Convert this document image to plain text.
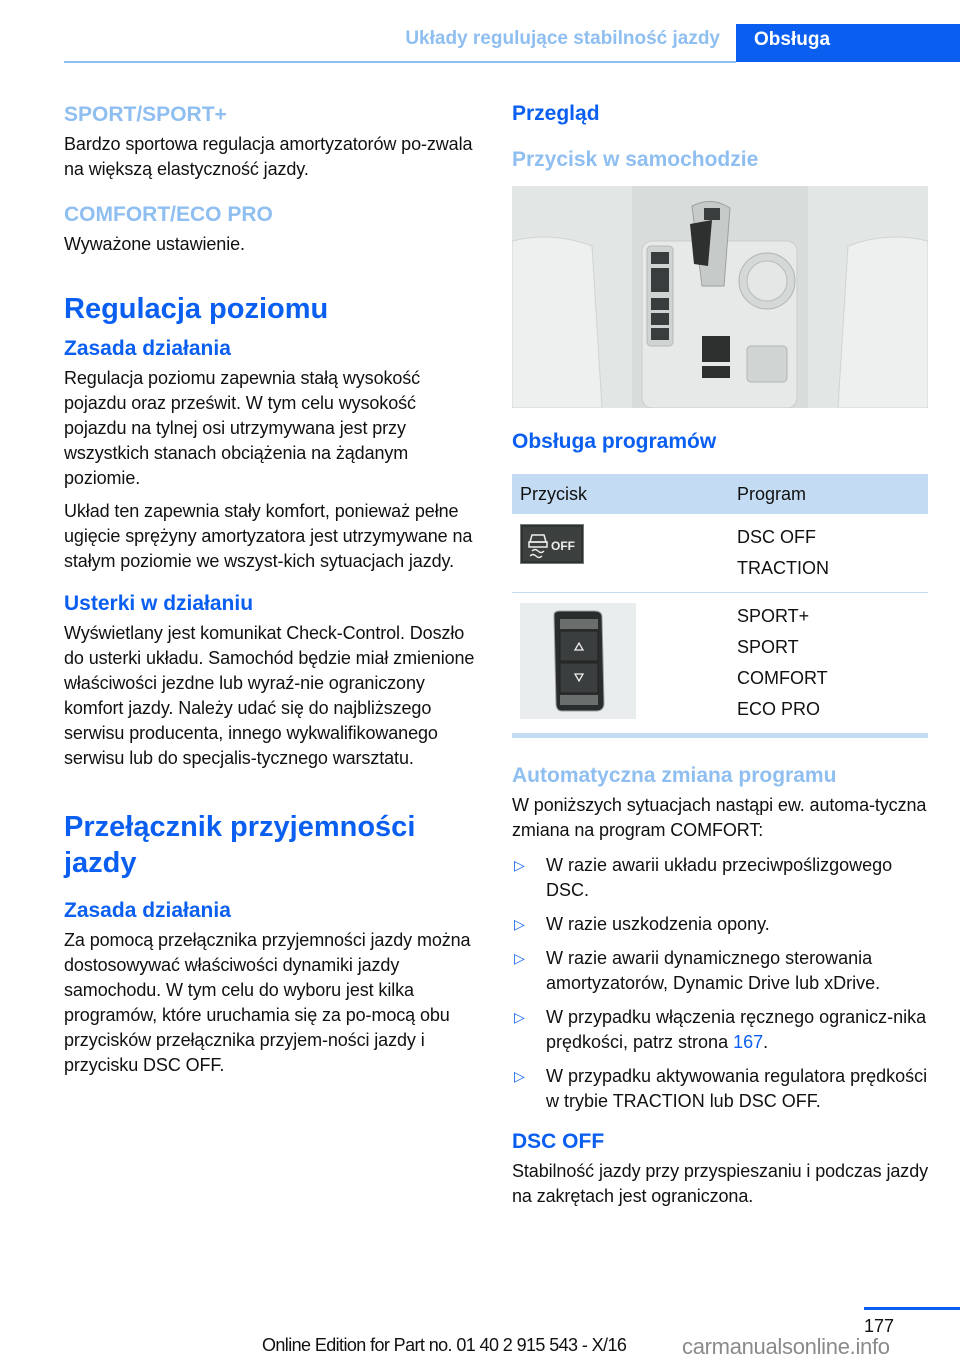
Układy regulujące stabilność jazdy	Obsługa
SPORT/SPORT+

Bardzo sportowa regulacja amortyzatorów po-zwala na większą elastyczność jazdy.

COMFORT/ECO PRO

Wyważone ustawienie.

Regulacja poziomu
Zasada działania

Regulacja poziomu zapewnia stałą wysokość pojazdu oraz prześwit. W tym celu wysokość pojazdu na tylnej osi utrzymywana jest przy wszystkich stanach obciążenia na żądanym poziomie.

Układ ten zapewnia stały komfort, ponieważ pełne ugięcie sprężyny amortyzatora jest utrzymywane na stałym poziomie we wszyst-kich sytuacjach jazdy.

Usterki w działaniu

Wyświetlany jest komunikat Check-Control. Doszło do usterki układu. Samochód będzie miał zmienione właściwości jezdne lub wyraź-nie ograniczony komfort jazdy. Należy udać się do najbliższego serwisu producenta, innego wykwalifikowanego serwisu lub do specjalis-tycznego warsztatu.

Przełącznik przyjemności jazdy
Zasada działania

Za pomocą przełącznika przyjemności jazdy można dostosowywać właściwości dynamiki jazdy samochodu. W tym celu do wyboru jest kilka programów, które uruchamia się za po-mocą obu przycisków przełącznika przyjem-ności jazdy i przycisku DSC OFF.

Przegląd
Przycisk w samochodzie
Obsługa programów
Przycisk	Program

OFF	DSC OFF
TRACTION

SPORT+
SPORT
COMFORT
ECO PRO
Automatyczna zmiana programu

W poniższych sytuacjach nastąpi ew. automa-tyczna zmiana na program COMFORT:

▷ W razie awarii układu przeciwpoślizgowego DSC.
▷ W razie uszkodzenia opony.
▷ W razie awarii dynamicznego sterowania amortyzatorów, Dynamic Drive lub xDrive.
▷ W przypadku włączenia ręcznego ogranicz-nika prędkości, patrz strona 167.
▷ W przypadku aktywowania regulatora prędkości w trybie TRACTION lub DSC OFF.
DSC OFF

Stabilność jazdy przy przyspieszaniu i podczas jazdy na zakrętach jest ograniczona.

177
Online Edition for Part no. 01 40 2 915 543 - X/16	carmanualsonline.info
